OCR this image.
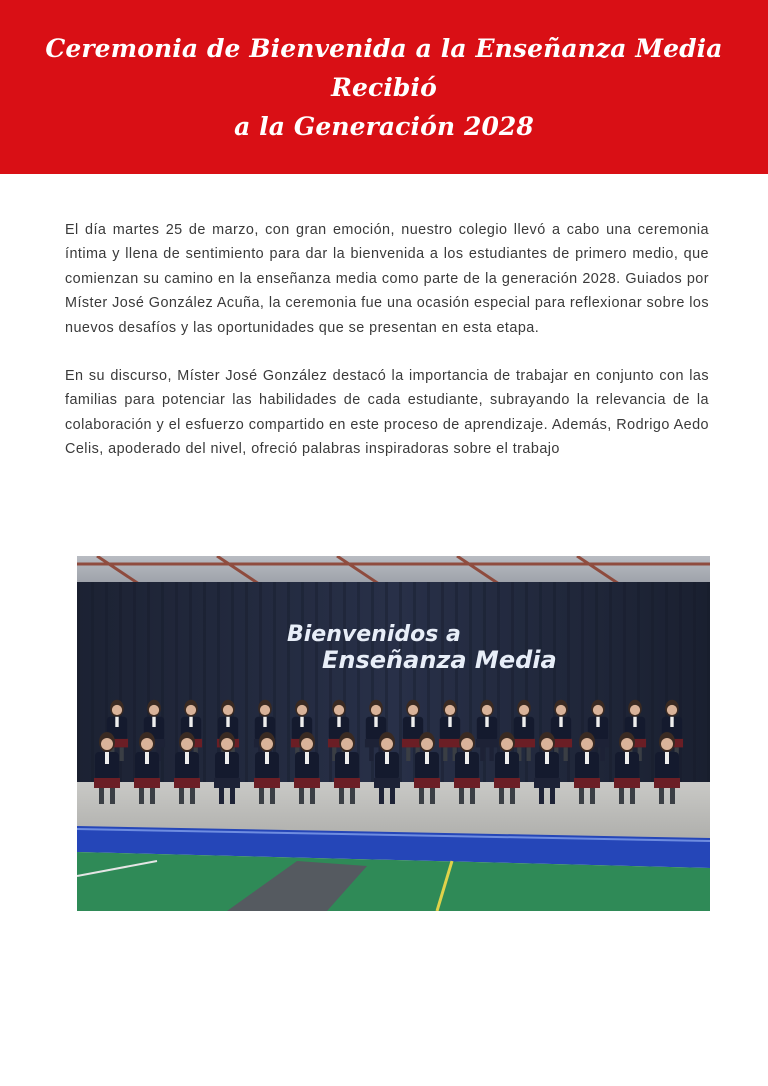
Ceremonia de Bienvenida a la Enseñanza Media Recibió
a la Generación 2028

El día martes 25 de marzo, con gran emoción, nuestro colegio llevó a cabo una ceremonia íntima y llena de sentimiento para dar la bienvenida a los estudiantes de primero medio, que comienzan su camino en la enseñanza media como parte de la generación 2028. Guiados por Míster José González Acuña, la ceremonia fue una ocasión especial para reflexionar sobre los nuevos desafíos y las oportunidades que se presentan en esta etapa.

En su discurso, Míster José González destacó la importancia de trabajar en conjunto con las familias para potenciar las habilidades de cada estudiante, subrayando la relevancia de la colaboración y el esfuerzo compartido en este proceso de aprendizaje. Además, Rodrigo Aedo Celis, apoderado del nivel, ofreció palabras inspiradoras sobre el trabajo

Bienvenidos a
Enseñanza Media
